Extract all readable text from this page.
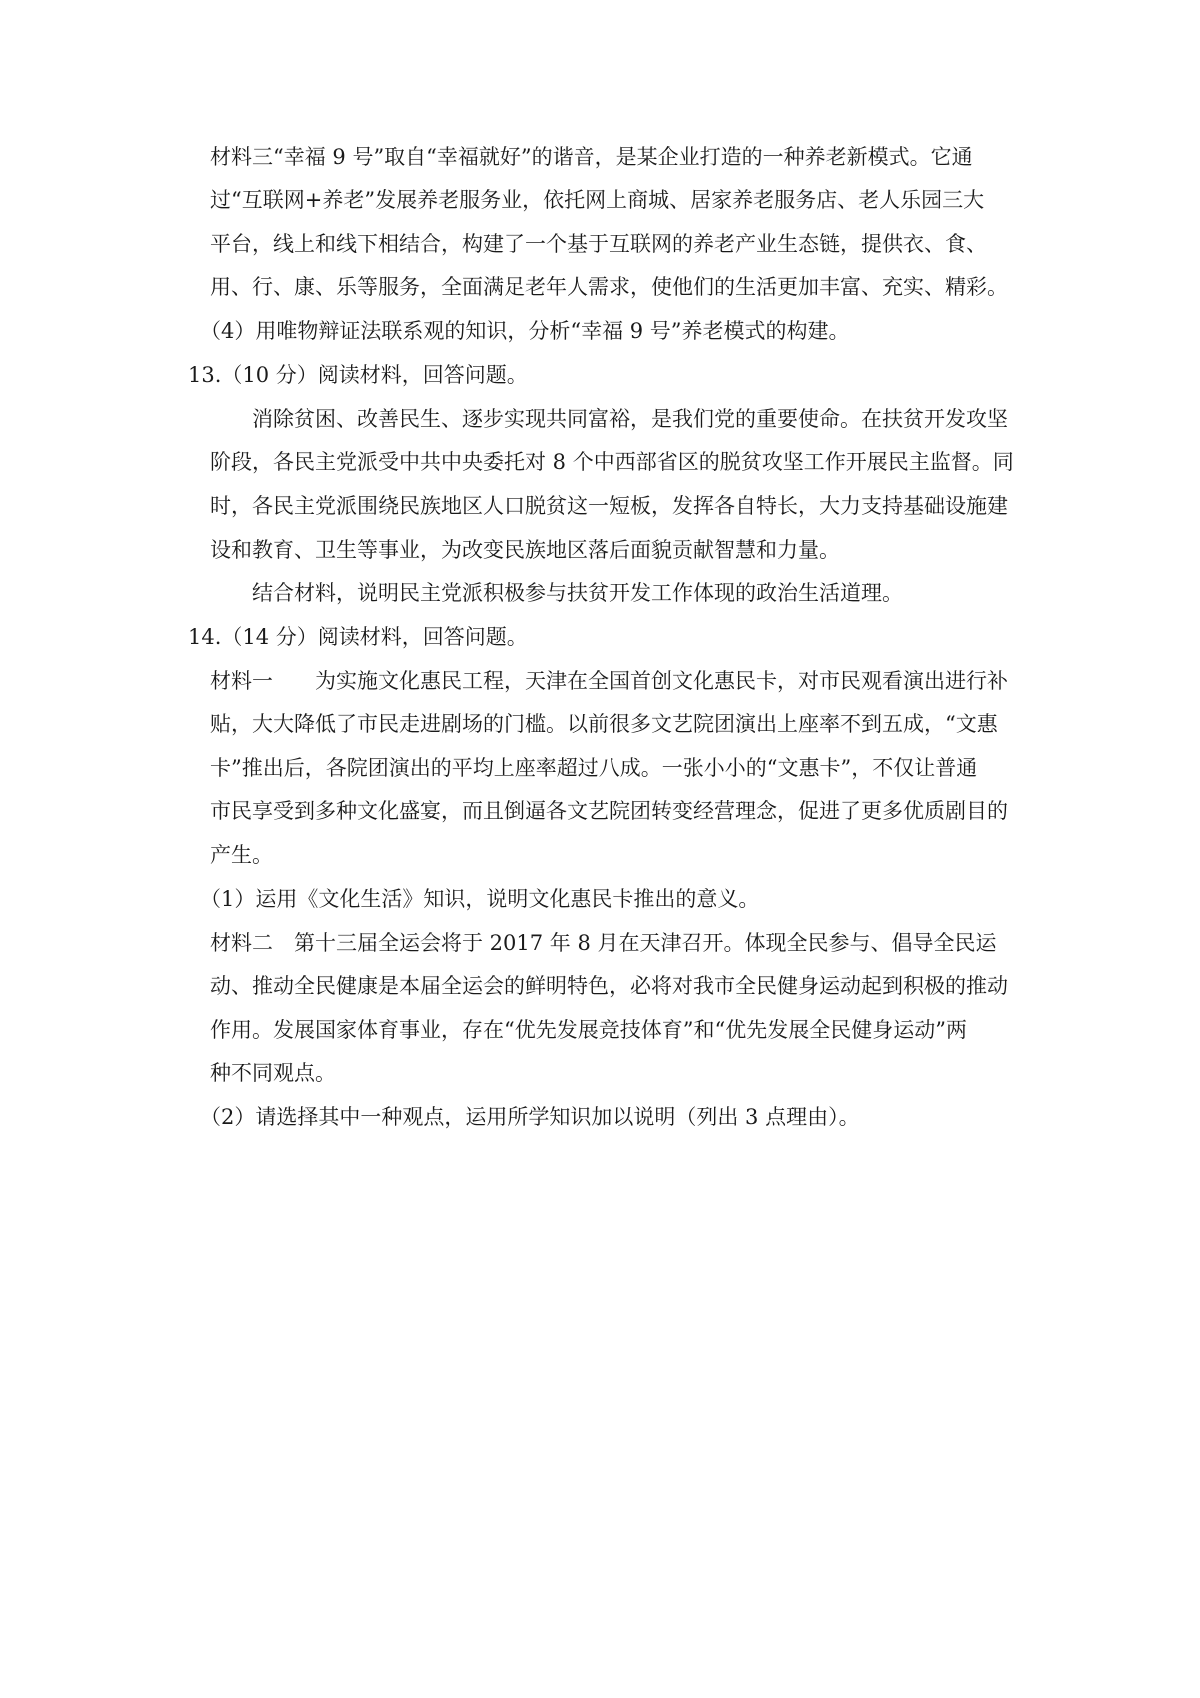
材料三“幸福 9 号”取自“幸福就好”的谐音，是某企业打造的一种养老新模式。它通
过“互联网+养老”发展养老服务业，依托网上商城、居家养老服务店、老人乐园三大
平台，线上和线下相结合，构建了一个基于互联网的养老产业生态链，提供衣、食、
用、行、康、乐等服务，全面满足老年人需求，使他们的生活更加丰富、充实、精彩。
（4）用唯物辩证法联系观的知识，分析“幸福 9 号”养老模式的构建。
13.（10 分）阅读材料，回答问题。
消除贫困、改善民生、逐步实现共同富裕，是我们党的重要使命。在扶贫开发攻坚
阶段，各民主党派受中共中央委托对 8 个中西部省区的脱贫攻坚工作开展民主监督。同
时，各民主党派围绕民族地区人口脱贫这一短板，发挥各自特长，大力支持基础设施建
设和教育、卫生等事业，为改变民族地区落后面貌贡献智慧和力量。
结合材料，说明民主党派积极参与扶贫开发工作体现的政治生活道理。
14.（14 分）阅读材料，回答问题。
材料一　　为实施文化惠民工程，天津在全国首创文化惠民卡，对市民观看演出进行补
贴，大大降低了市民走进剧场的门槛。以前很多文艺院团演出上座率不到五成，“文惠
卡”推出后，各院团演出的平均上座率超过八成。一张小小的“文惠卡”，不仅让普通
市民享受到多种文化盛宴，而且倒逼各文艺院团转变经营理念，促进了更多优质剧目的
产生。
（1）运用《文化生活》知识，说明文化惠民卡推出的意义。
材料二　第十三届全运会将于 2017 年 8 月在天津召开。体现全民参与、倡导全民运
动、推动全民健康是本届全运会的鲜明特色，必将对我市全民健身运动起到积极的推动
作用。发展国家体育事业，存在“优先发展竞技体育”和“优先发展全民健身运动”两
种不同观点。
（2）请选择其中一种观点，运用所学知识加以说明（列出 3 点理由）。
